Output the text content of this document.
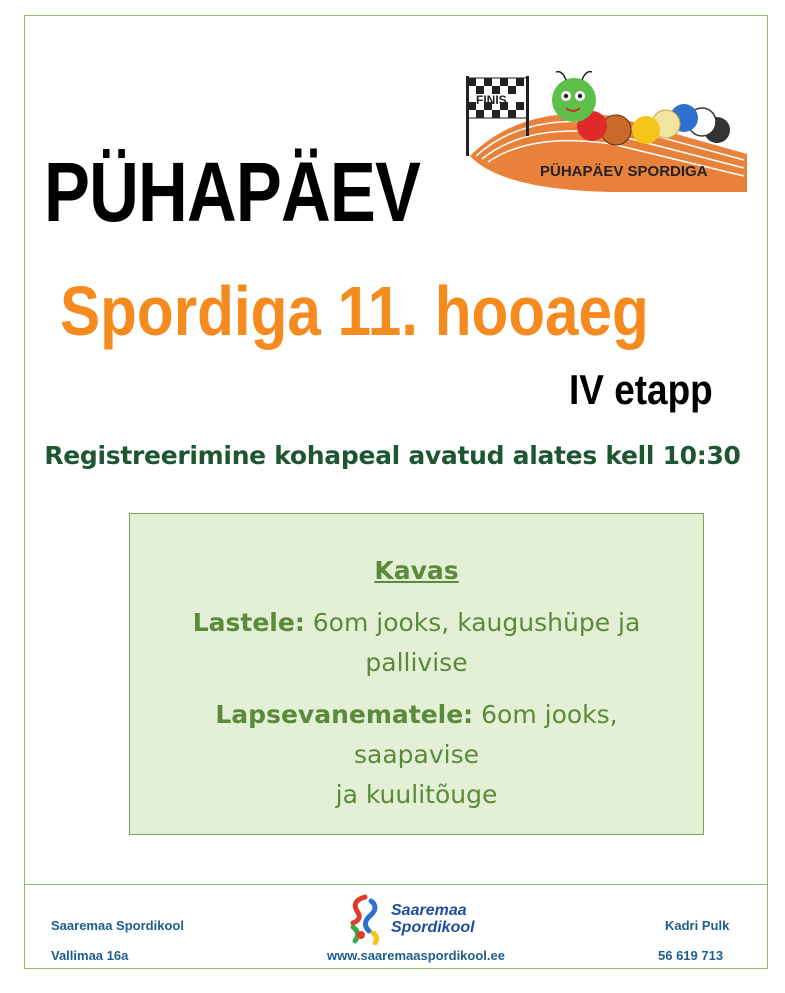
FINIS
PÜHAPÄEV SPORDIGA
PÜHAPÄEV
Spordiga 11. hooaeg
IV etapp
Registreerimine kohapeal avatud alates kell 10:30
Kavas
Lastele: 6om jooks, kaugushüpe ja
pallivise
Lapsevanematele: 6om jooks, saapavise
ja kuulitõuge
Saaremaa Spordikool
Vallimaa 16a
Saaremaa
Spordikool
www.saaremaaspordikool.ee
Kadri Pulk
56 619 713
